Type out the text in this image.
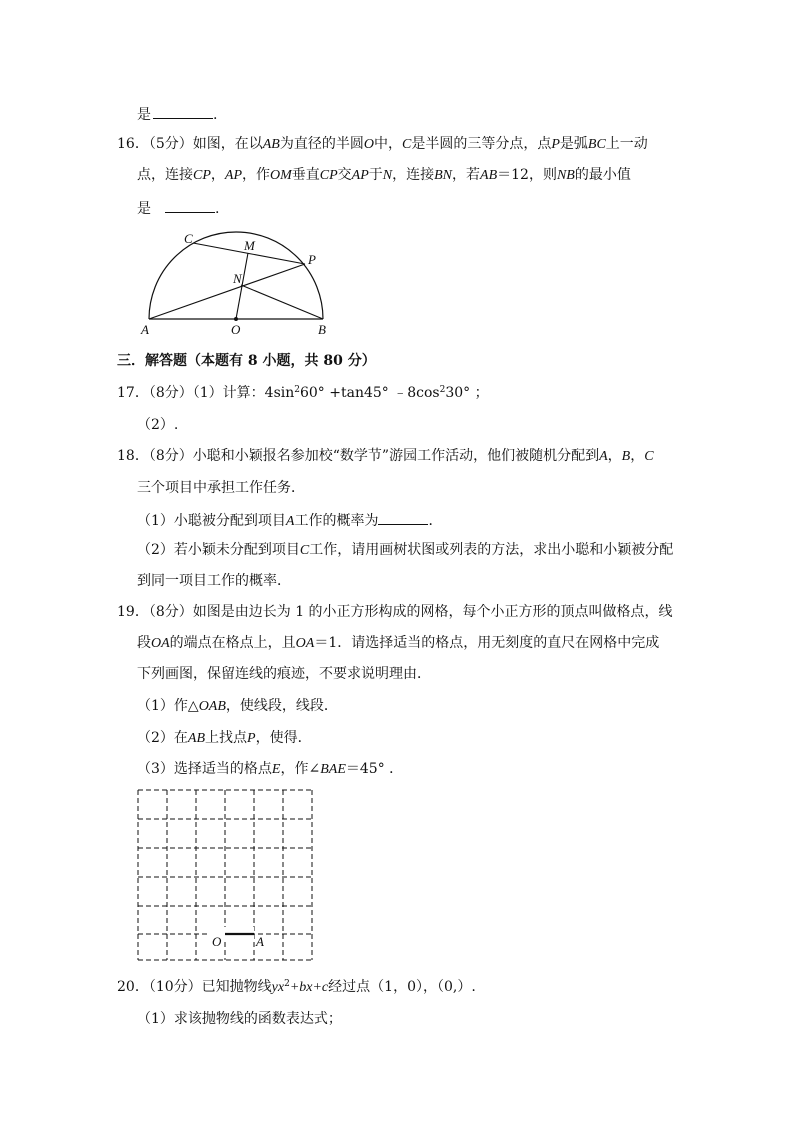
是	.
16．（5分）如图，在以AB为直径的半圆O中，C是半圆的三等分点，点P是弧BC上一动
点，连接CP，AP，作OM垂直CP交AP于N，连接BN，若AB＝12，则NB的最小值
是	.
C	M
P
N
A	O	B
三．解答题（本题有 8 小题，共 80 分）
17．（8分）（1）计算：$4\sin^260^\circ +\tan 45^\circ$ $﹣8\cos^230^\circ$ ；
（2）.
18．（8分）小聪和小颖报名参加校“数学节”游园工作活动，他们被随机分配到A，B，C
三个项目中承担工作任务．
（1）小聪被分配到项目A工作的概率为	．
（2）若小颖未分配到项目C工作，请用画树状图或列表的方法，求出小聪和小颖被分配
到同一项目工作的概率．
19．（8分）如图是由边长为 1 的小正方形构成的网格，每个小正方形的顶点叫做格点，线
段OA的端点在格点上，且OA＝1．请选择适当的格点，用无刻度的直尺在网格中完成
下列画图，保留连线的痕迹，不要求说明理由．
（1）作△OAB，使线段，线段．
（2）在AB上找点P，使得．
（3）选择适当的格点E，作∠BAE＝45° ．
O	A
20．（10分）已知抛物线$yx^2+bx+c$经过点（1，0），（0,）.
（1）求该抛物线的函数表达式；
